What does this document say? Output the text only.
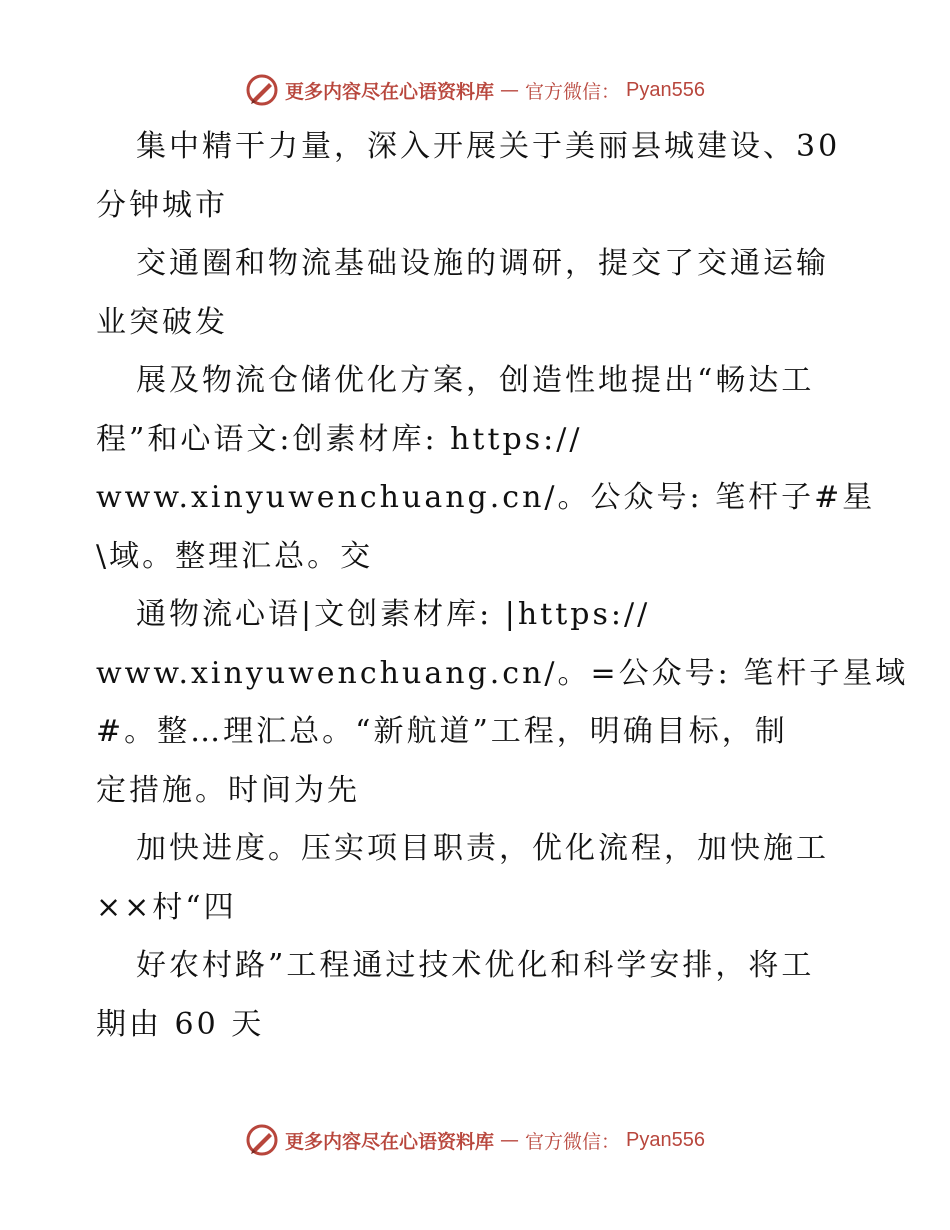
更多内容尽在心语资料库 — 官方微信： Pyan556
集中精干力量，深入开展关于美丽县城建设、30
分钟城市
交通圈和物流基础设施的调研，提交了交通运输
业突破发
展及物流仓储优化方案，创造性地提出“畅达工
程”和心语文:创素材库: https://
www.xinyuwenchuang.cn/。公众号: 笔杆子#星
\域。整理汇总。交
通物流心语|文创素材库: |https://
www.xinyuwenchuang.cn/。=公众号: 笔杆子星域
#。整…理汇总。“新航道”工程，明确目标，制
定措施。时间为先
加快进度。压实项目职责，优化流程，加快施工
××村“四
好农村路”工程通过技术优化和科学安排，将工
期由 60 天
更多内容尽在心语资料库 — 官方微信： Pyan556
